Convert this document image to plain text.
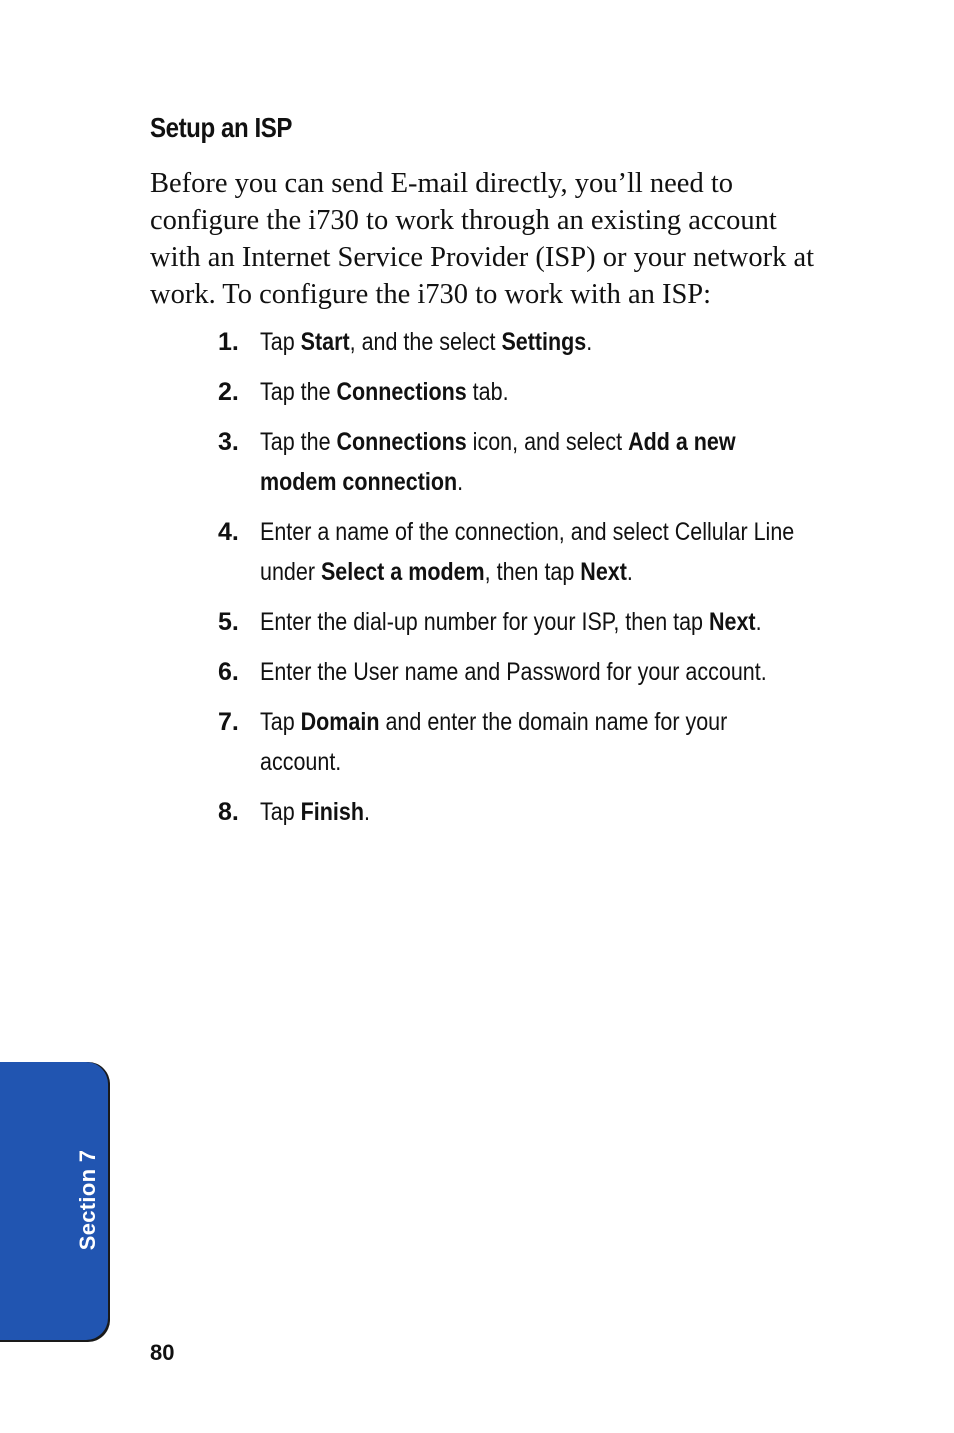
Setup an ISP

Before you can send E-mail directly, you’ll need to
configure the i730 to work through an existing account
with an Internet Service Provider (ISP) or your network at
work. To configure the i730 to work with an ISP:

1. Tap Start, and the select Settings.
2. Tap the Connections tab.
3. Tap the Connections icon, and select Add a new
modem connection.
4. Enter a name of the connection, and select Cellular Line
under Select a modem, then tap Next.
5. Enter the dial-up number for your ISP, then tap Next.
6. Enter the User name and Password for your account.
7. Tap Domain and enter the domain name for your
account.
8. Tap Finish.
Section 7
80
